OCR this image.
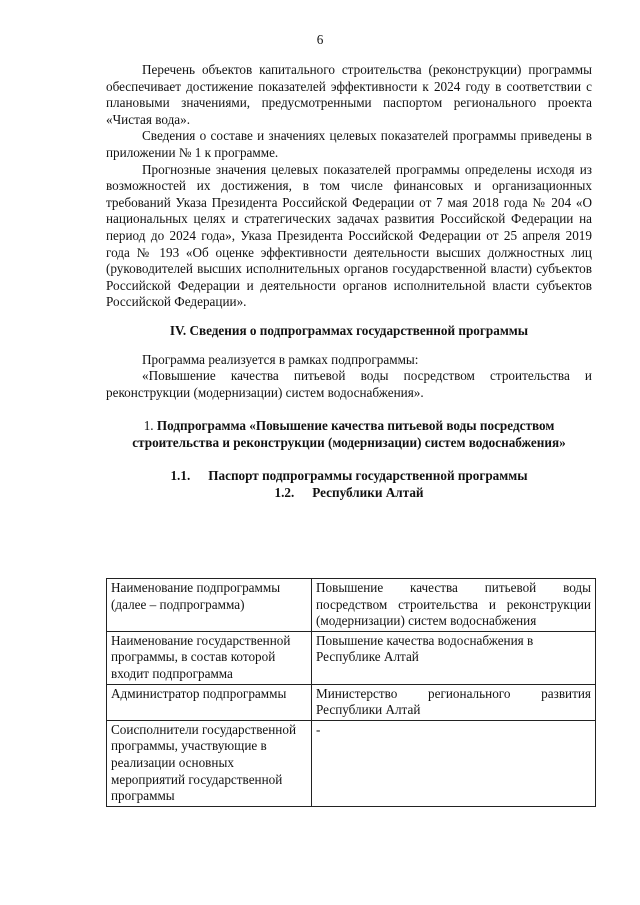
6

Перечень объектов капитального строительства (реконструкции) программы обеспечивает достижение показателей эффективности к 2024 году в соответствии с плановыми значениями, предусмотренными паспортом регионального проекта «Чистая вода».

Сведения о составе и значениях целевых показателей программы приведены в приложении № 1 к программе.

Прогнозные значения целевых показателей программы определены исходя из возможностей их достижения, в том числе финансовых и организационных требований Указа Президента Российской Федерации от 7 мая 2018 года № 204 «О национальных целях и стратегических задачах развития Российской Федерации на период до 2024 года», Указа Президента Российской Федерации от 25 апреля 2019 года № 193 «Об оценке эффективности деятельности высших должностных лиц (руководителей высших исполнительных органов государственной власти) субъектов Российской Федерации и деятельности органов исполнительной власти субъектов Российской Федерации».

IV. Сведения о подпрограммах государственной программы

Программа реализуется в рамках подпрограммы:

«Повышение качества питьевой воды посредством строительства и реконструкции (модернизации) систем водоснабжения».

1. Подпрограмма «Повышение качества питьевой воды посредством строительства и реконструкции (модернизации) систем водоснабжения»

1.1. Паспорт подпрограммы государственной программы

1.2. Республики Алтай

Наименование подпрограммы (далее – подпрограмма)	Повышение качества питьевой воды посредством строительства и реконструкции (модернизации) систем водоснабжения
Наименование государственной программы, в состав которой входит подпрограмма	Повышение качества водоснабжения в Республике Алтай
Администратор подпрограммы	Министерство регионального развития Республики Алтай
Соисполнители государственной программы, участвующие в реализации основных мероприятий государственной программы	-
